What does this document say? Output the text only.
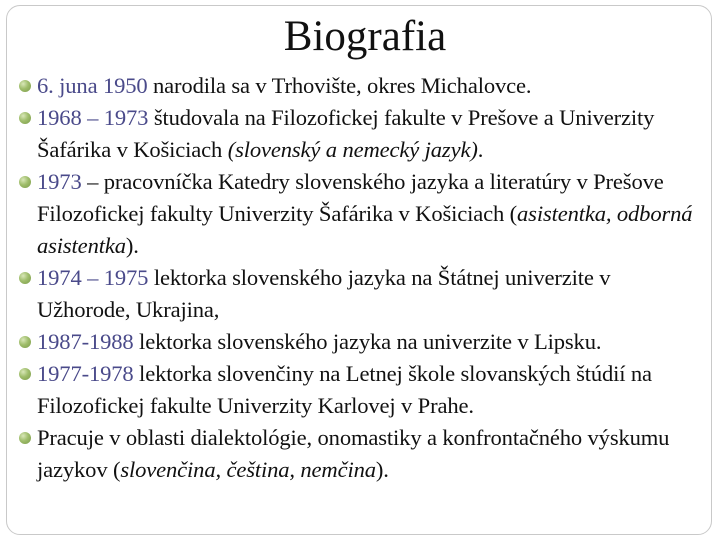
Biografia
6. juna 1950 narodila sa v Trhovište, okres Michalovce.
1968 – 1973 študovala na Filozofickej fakulte v Prešove a Univerzity Šafárika v Košiciach (slovenský a nemecký jazyk).
1973 – pracovníčka Katedry slovenského jazyka a literatúry v Prešove Filozofickej fakulty Univerzity Šafárika v Košiciach (asistentka, odborná asistentka).
1974 – 1975 lektorka slovenského jazyka na Štátnej univerzite v Užhorode, Ukrajina,
1987-1988 lektorka slovenského jazyka na univerzite v Lipsku.
1977-1978 lektorka slovenčiny na Letnej škole slovanských štúdií na Filozofickej fakulte Univerzity Karlovej v Prahe.
Pracuje v oblasti dialektológie, onomastiky a konfrontačného výskumu jazykov (slovenčina, čeština, nemčina).
